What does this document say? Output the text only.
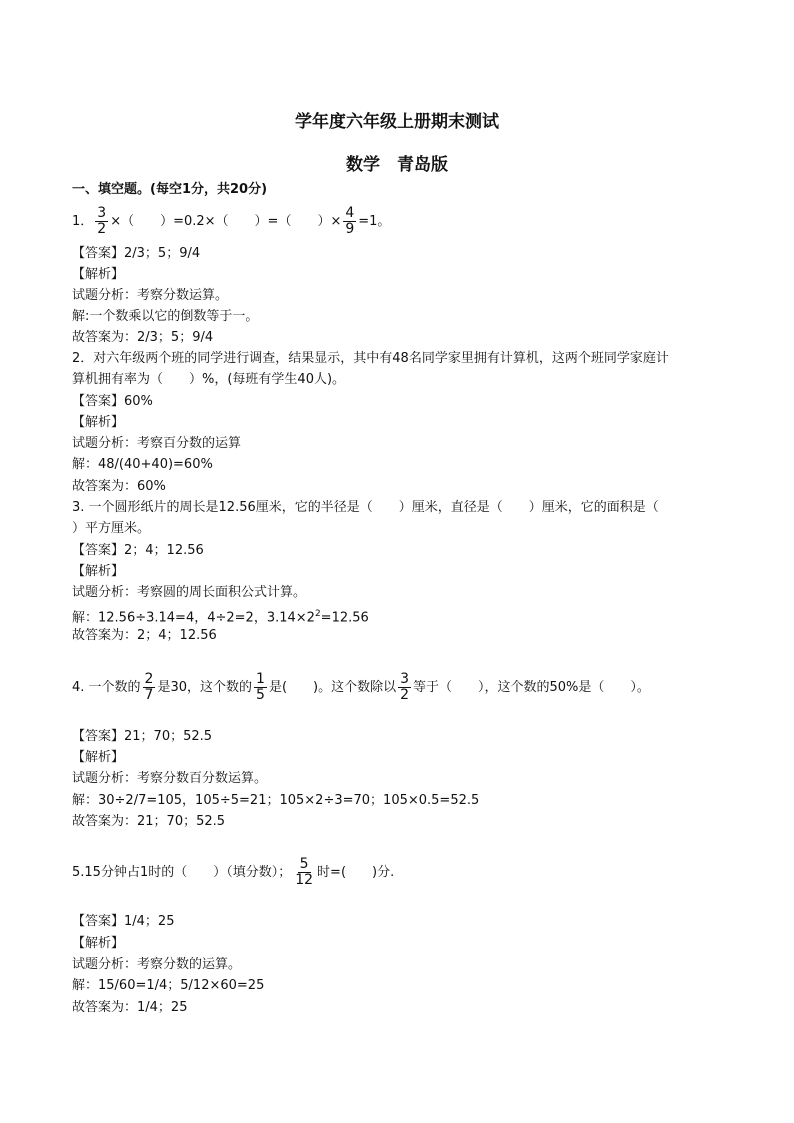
学年度六年级上册期末测试
数学　青岛版
一、填空题。(每空1分，共20分)
1． $\frac{3}{2}$ ×（　　）=0.2×（　　）=（　　）× $\frac{4}{9} =1$。
【答案】2/3；5；9/4
【解析】
试题分析：考察分数运算。
解:一个数乘以它的倒数等于一。
故答案为：2/3；5；9/4
2．对六年级两个班的同学进行调查，结果显示，其中有48名同学家里拥有计算机，这两个班同学家庭计
算机拥有率为（　　）%，(每班有学生40人)。
【答案】60%
【解析】
试题分析：考察百分数的运算
解：48/(40+40)=60%
故答案为：60%
3. 一个圆形纸片的周长是12.56厘米，它的半径是（　　）厘米，直径是（　　）厘米，它的面积是（
）平方厘米。
【答案】2；4；12.56
【解析】
试题分析：考察圆的周长面积公式计算。
解：12.56÷3.14=4，4÷2=2，$3.14\times 2^2=12.56$
故答案为：2；4；12.56
4. 一个数的 $\frac{2}{7}$ 是30，这个数的 $\frac{1}{5}$ 是(　　)。这个数除以 $\frac{3}{2}$ 等于（　　），这个数的50%是（　　）。
【答案】21；70；52.5
【解析】
试题分析：考察分数百分数运算。
解：30÷2/7=105，105÷5=21；105×2÷3=70；105×0.5=52.5
故答案为：21；70；52.5
5.15分钟占1时的（　　）（填分数）； $\frac{5}{12}$ 时=(　　)分.
【答案】1/4；25
【解析】
试题分析：考察分数的运算。
解：15/60=1/4；5/12×60=25
故答案为：1/4；25
